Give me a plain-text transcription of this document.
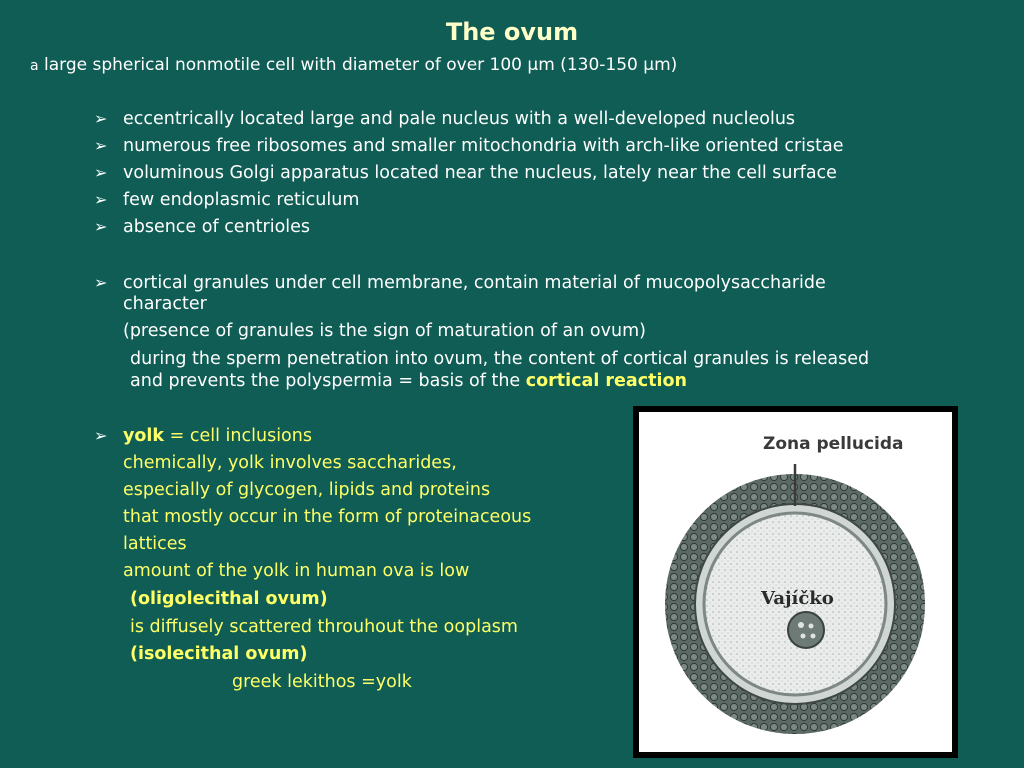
The ovum
a large spherical nonmotile cell with diameter of over 100 µm (130-150 µm)
➢ eccentrically located large and pale nucleus with a well-developed nucleolus
➢ numerous free ribosomes and smaller mitochondria with arch-like oriented cristae
➢ voluminous Golgi apparatus located near the nucleus, lately near the cell surface
➢ few endoplasmic reticulum
➢ absence of centrioles
➢ cortical granules under cell membrane, contain material of mucopolysaccharide
character
(presence of granules is the sign of maturation of an ovum)
during the sperm penetration into ovum, the content of cortical granules is released
and prevents the polyspermia = basis of the cortical reaction
➢ yolk = cell inclusions
chemically, yolk involves saccharides,
especially of glycogen, lipids and proteins
that mostly occur in the form of proteinaceous
lattices
amount of the yolk in human ova is low
(oligolecithal ovum)
is diffusely scattered throuhout the ooplasm
(isolecithal ovum)
greek lekithos =yolk
Zona pellucida
Vajíčko
